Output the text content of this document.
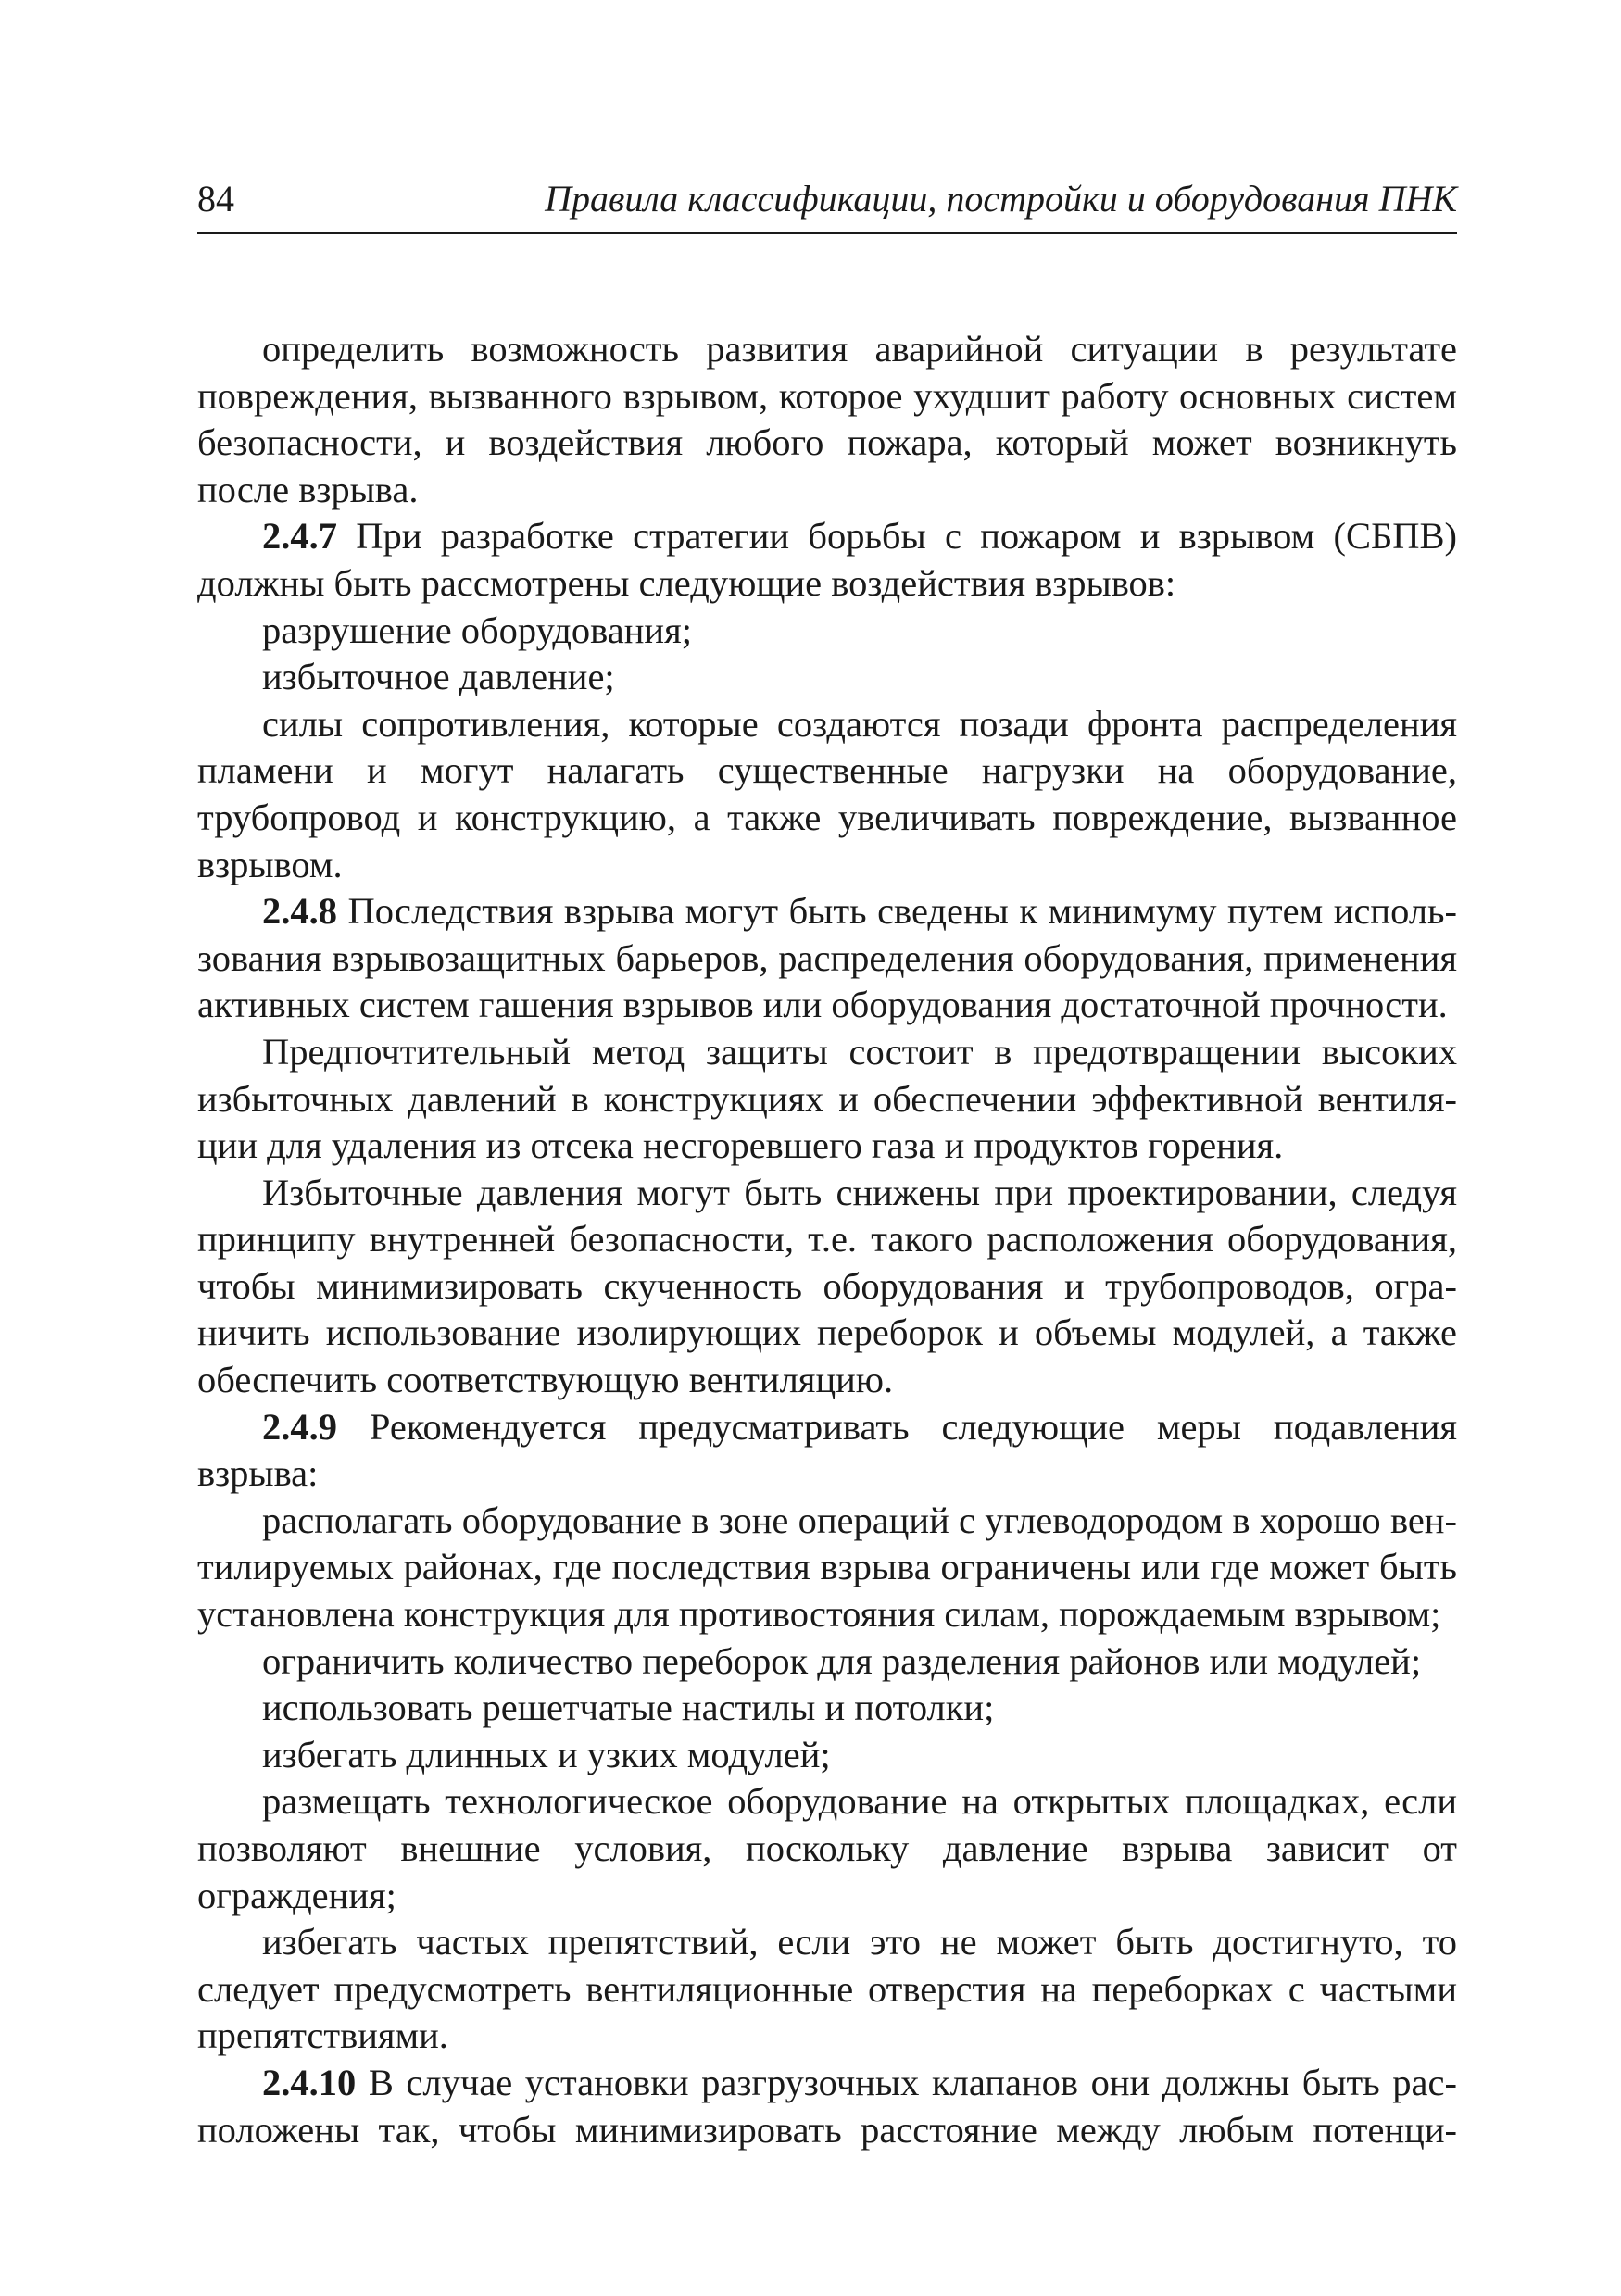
84	Правила классификации, постройки и оборудования ПНК

определить возможность развития аварийной ситуации в результате повреждения, вызванного взрывом, которое ухудшит работу основных систем безопасности, и воздействия любого пожара, который может возникнуть после взрыва.

2.4.7 При разработке стратегии борьбы с пожаром и взрывом (СБПВ) должны быть рассмотрены следующие воздействия взрывов:

разрушение оборудования;

избыточное давление;

силы сопротивления, которые создаются позади фронта распределения пламени и могут налагать существенные нагрузки на оборудование, трубопровод и конструкцию, а также увеличивать повреждение, вызванное взрывом.

2.4.8 Последствия взрыва могут быть сведены к минимуму путем использования взрывозащитных барьеров, распределения оборудования, применения активных систем гашения взрывов или оборудования достаточной прочности.

Предпочтительный метод защиты состоит в предотвращении высоких избыточных давлений в конструкциях и обеспечении эффективной вентиляции для удаления из отсека несгоревшего газа и продуктов горения.

Избыточные давления могут быть снижены при проектировании, следуя принципу внутренней безопасности, т.е. такого расположения оборудования, чтобы минимизировать скученность оборудования и трубопроводов, ограничить использование изолирующих переборок и объемы модулей, а также обеспечить соответствующую вентиляцию.

2.4.9 Рекомендуется предусматривать следующие меры подавления взрыва:

располагать оборудование в зоне операций с углеводородом в хорошо вентилируемых районах, где последствия взрыва ограничены или где может быть установлена конструкция для противостояния силам, порождаемым взрывом;

ограничить количество переборок для разделения районов или модулей;

использовать решетчатые настилы и потолки;

избегать длинных и узких модулей;

размещать технологическое оборудование на открытых площадках, если позволяют внешние условия, поскольку давление взрыва зависит от ограждения;

избегать частых препятствий, если это не может быть достигнуто, то следует предусмотреть вентиляционные отверстия на переборках с частыми препятствиями.

2.4.10 В случае установки разгрузочных клапанов они должны быть расположены так, чтобы минимизировать расстояние между любым потенци-
